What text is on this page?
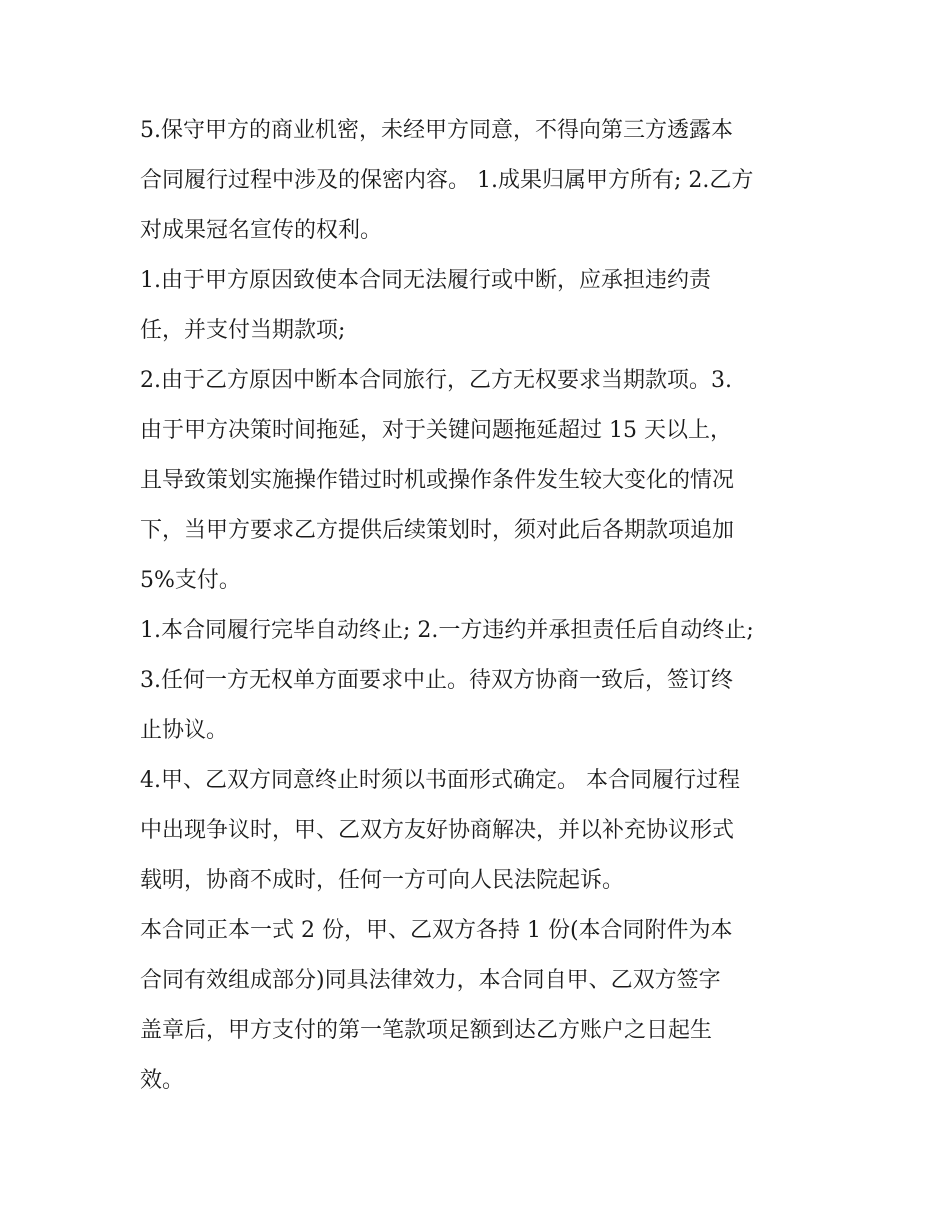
5.保守甲方的商业机密，未经甲方同意，不得向第三方透露本
合同履行过程中涉及的保密内容。 1.成果归属甲方所有; 2.乙方
对成果冠名宣传的权利。
1.由于甲方原因致使本合同无法履行或中断，应承担违约责
任，并支付当期款项;
2.由于乙方原因中断本合同旅行，乙方无权要求当期款项。3.
由于甲方决策时间拖延，对于关键问题拖延超过 15 天以上，
且导致策划实施操作错过时机或操作条件发生较大变化的情况
下，当甲方要求乙方提供后续策划时，须对此后各期款项追加
5%支付。
1.本合同履行完毕自动终止; 2.一方违约并承担责任后自动终止;
3.任何一方无权单方面要求中止。待双方协商一致后，签订终
止协议。
4.甲、乙双方同意终止时须以书面形式确定。 本合同履行过程
中出现争议时，甲、乙双方友好协商解决，并以补充协议形式
载明，协商不成时，任何一方可向人民法院起诉。
本合同正本一式 2 份，甲、乙双方各持 1 份(本合同附件为本
合同有效组成部分)同具法律效力，本合同自甲、乙双方签字
盖章后，甲方支付的第一笔款项足额到达乙方账户之日起生
效。
